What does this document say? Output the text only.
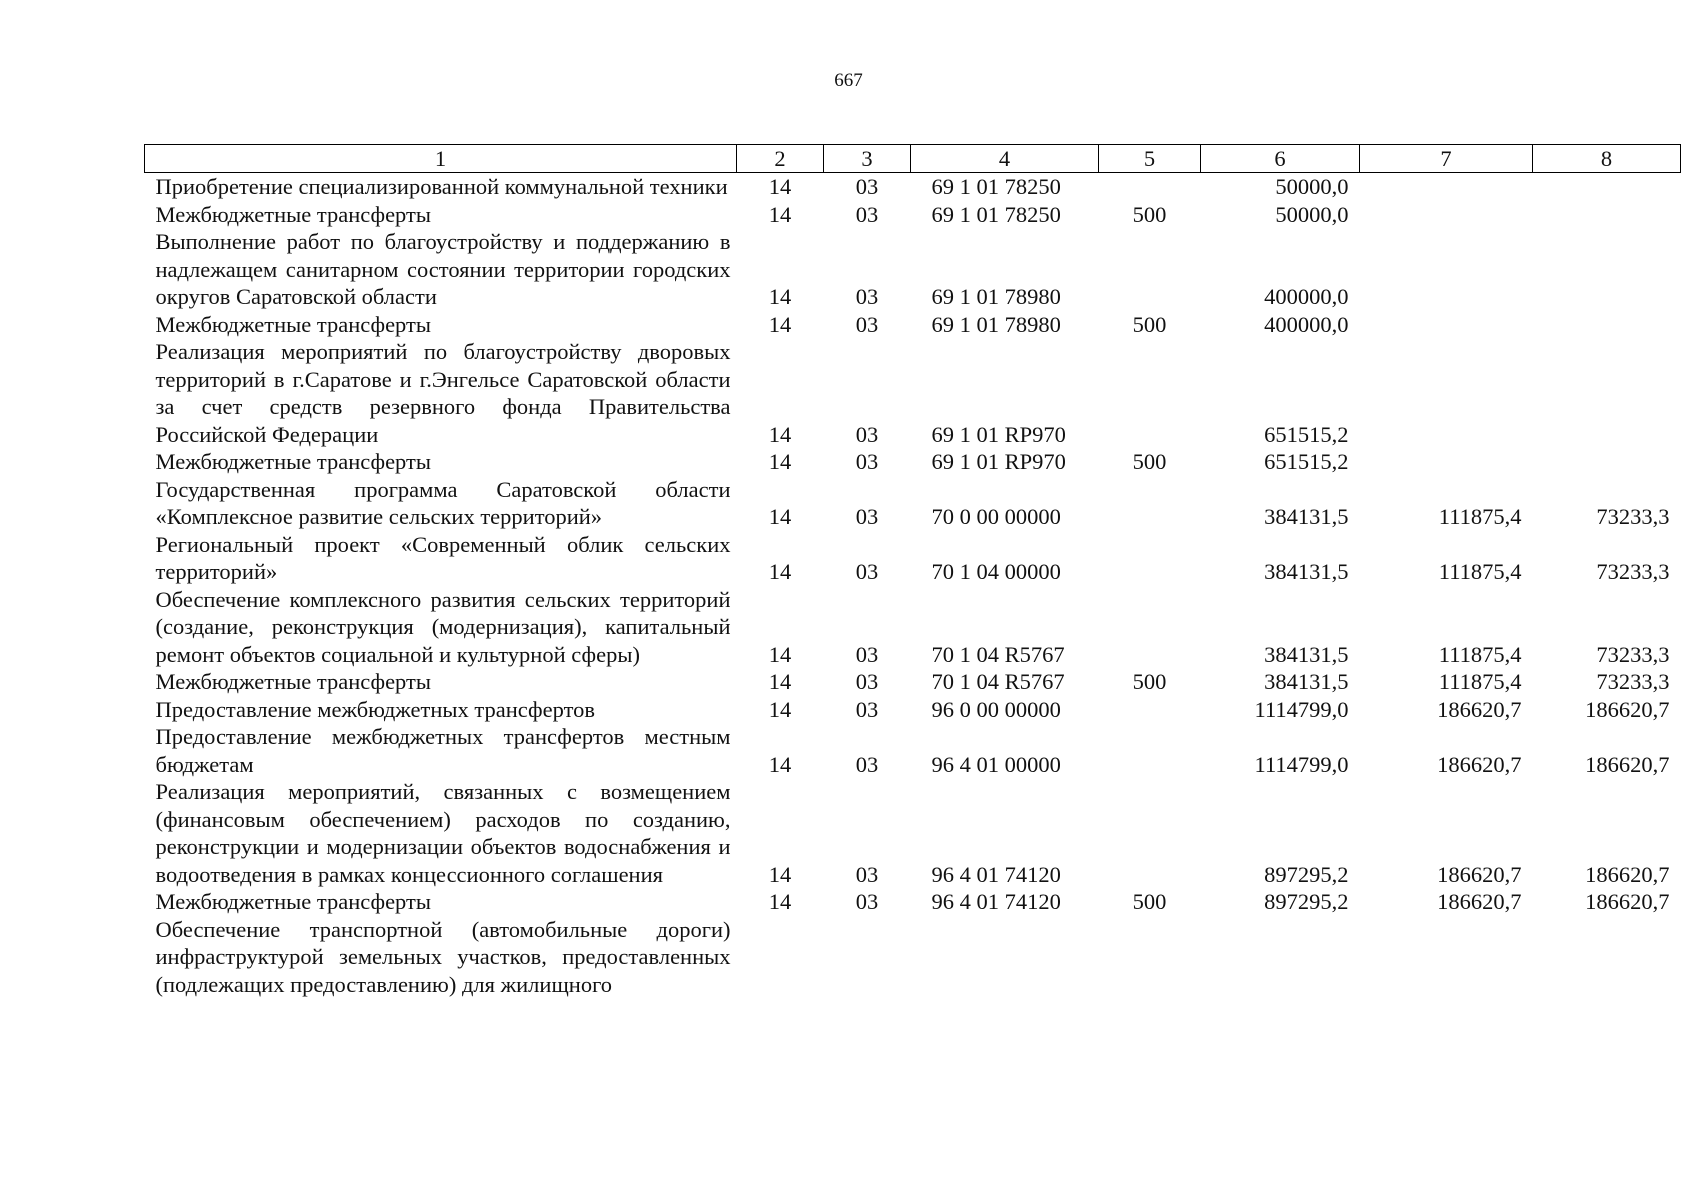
667
1	2	3	4	5	6	7	8
Приобретение специализированной коммунальной техники	14	03	69 1 01 78250		50000,0		
Межбюджетные трансферты	14	03	69 1 01 78250	500	50000,0		
Выполнение работ по благоустройству и поддержанию в надлежащем санитарном состоянии территории городских округов Саратовской области	14	03	69 1 01 78980		400000,0		
Межбюджетные трансферты	14	03	69 1 01 78980	500	400000,0		
Реализация мероприятий по благоустройству дворовых территорий в г.Саратове и г.Энгельсе Саратовской области за счет средств резервного фонда Правительства Российской Федерации	14	03	69 1 01 RP970		651515,2		
Межбюджетные трансферты	14	03	69 1 01 RP970	500	651515,2		
Государственная программа Саратовской области «Комплексное развитие сельских территорий»	14	03	70 0 00 00000		384131,5	111875,4	73233,3
Региональный проект «Современный облик сельских территорий»	14	03	70 1 04 00000		384131,5	111875,4	73233,3
Обеспечение комплексного развития сельских территорий (создание, реконструкция (модернизация), капитальный ремонт объектов социальной и культурной сферы)	14	03	70 1 04 R5767		384131,5	111875,4	73233,3
Межбюджетные трансферты	14	03	70 1 04 R5767	500	384131,5	111875,4	73233,3
Предоставление межбюджетных трансфертов	14	03	96 0 00 00000		1114799,0	186620,7	186620,7
Предоставление межбюджетных трансфертов местным бюджетам	14	03	96 4 01 00000		1114799,0	186620,7	186620,7
Реализация мероприятий, связанных с возмещением (финансовым обеспечением) расходов по созданию, реконструкции и модернизации объектов водоснабжения и водоотведения в рамках концессионного соглашения	14	03	96 4 01 74120		897295,2	186620,7	186620,7
Межбюджетные трансферты	14	03	96 4 01 74120	500	897295,2	186620,7	186620,7
Обеспечение транспортной (автомобильные дороги) инфраструктурой земельных участков, предоставленных (подлежащих предоставлению) для жилищного							
